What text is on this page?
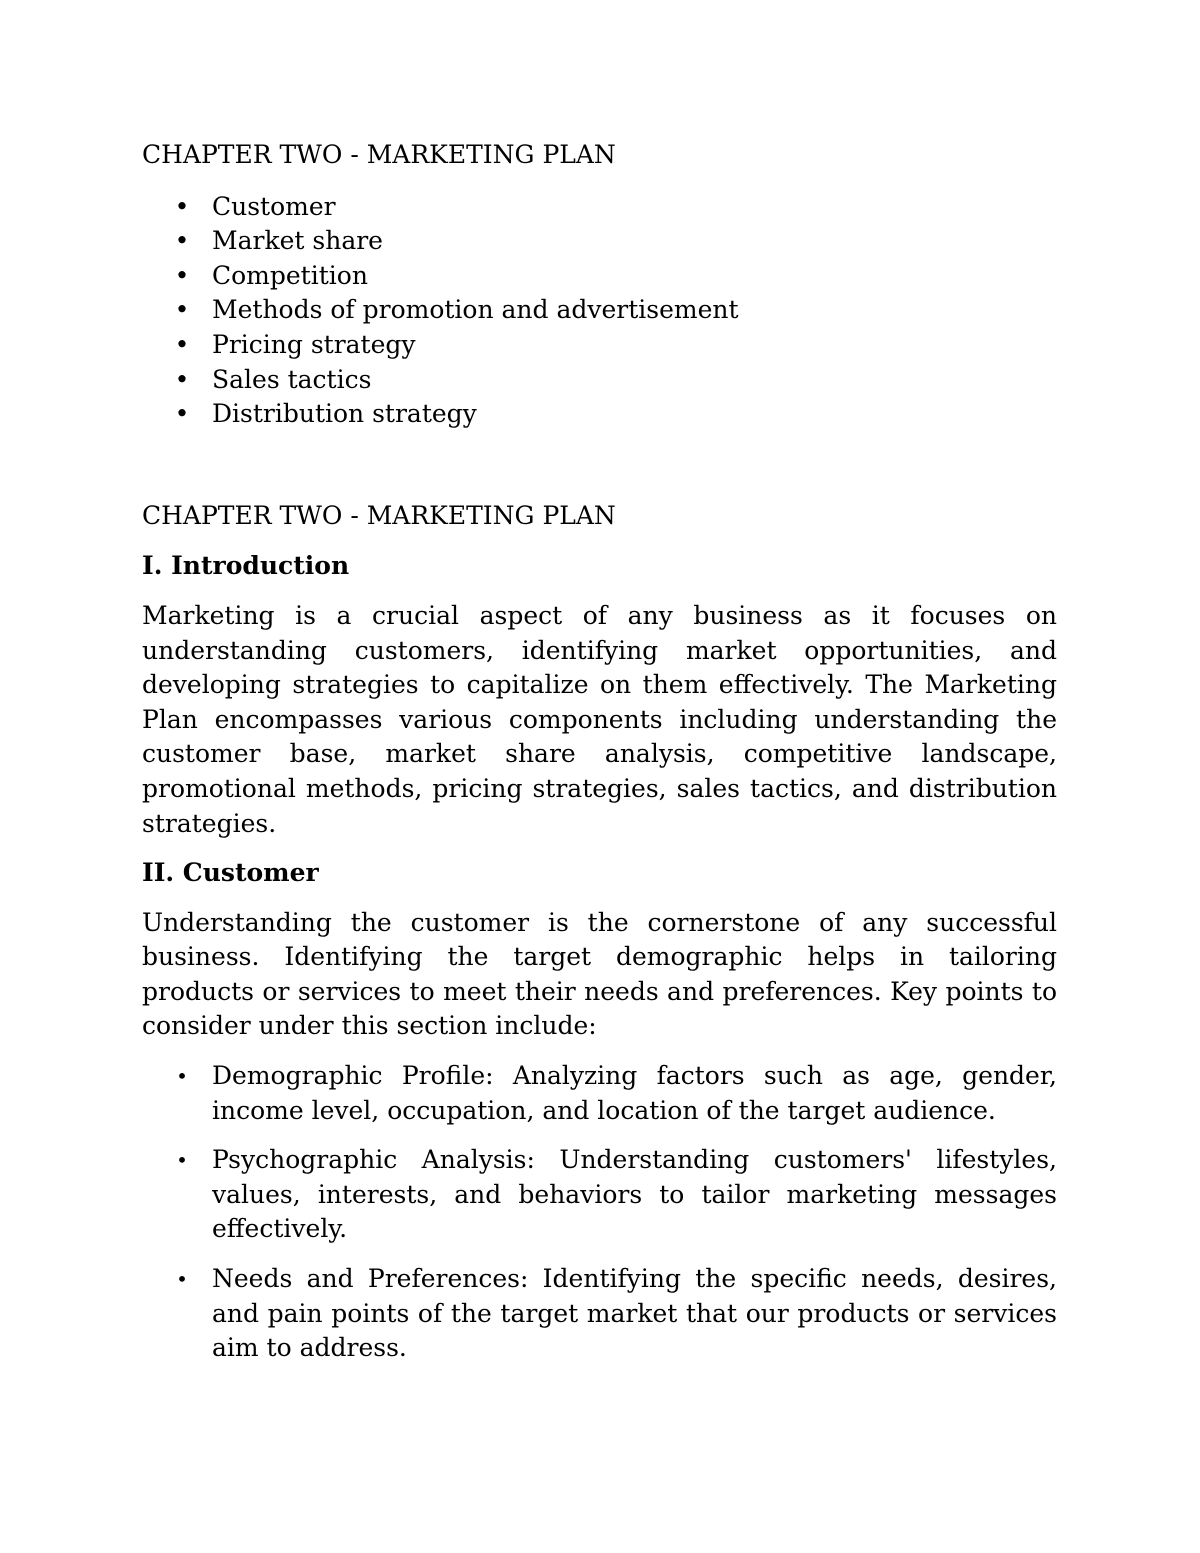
CHAPTER TWO - MARKETING PLAN
• Customer
• Market share
• Competition
• Methods of promotion and advertisement
• Pricing strategy
• Sales tactics
• Distribution strategy
CHAPTER TWO - MARKETING PLAN
I. Introduction

Marketing is a crucial aspect of any business as it focuses on understanding customers, identifying market opportunities, and developing strategies to capitalize on them effectively. The Marketing Plan encompasses various components including understanding the customer base, market share analysis, competitive landscape, promotional methods, pricing strategies, sales tactics, and distribution strategies.

II. Customer

Understanding the customer is the cornerstone of any successful business. Identifying the target demographic helps in tailoring products or services to meet their needs and preferences. Key points to consider under this section include:

• Demographic Profile: Analyzing factors such as age, gender, income level, occupation, and location of the target audience.
• Psychographic Analysis: Understanding customers' lifestyles, values, interests, and behaviors to tailor marketing messages effectively.
• Needs and Preferences: Identifying the specific needs, desires, and pain points of the target market that our products or services aim to address.
